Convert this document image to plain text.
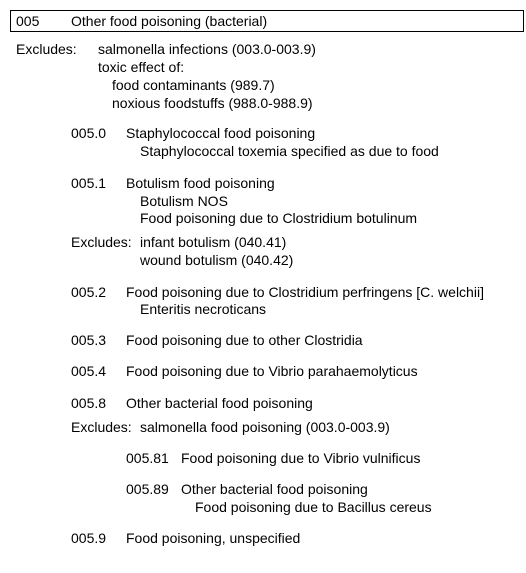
005 Other food poisoning (bacterial)
Excludes: salmonella infections (003.0-003.9)
toxic effect of:
food contaminants (989.7)
noxious foodstuffs (988.0-988.9)
005.0 Staphylococcal food poisoning
Staphylococcal toxemia specified as due to food
005.1 Botulism food poisoning
Botulism NOS
Food poisoning due to Clostridium botulinum
Excludes: infant botulism (040.41)
wound botulism (040.42)
005.2 Food poisoning due to Clostridium perfringens [C. welchii]
Enteritis necroticans
005.3 Food poisoning due to other Clostridia
005.4 Food poisoning due to Vibrio parahaemolyticus
005.8 Other bacterial food poisoning
Excludes: salmonella food poisoning (003.0-003.9)
005.81 Food poisoning due to Vibrio vulnificus
005.89 Other bacterial food poisoning
Food poisoning due to Bacillus cereus
005.9 Food poisoning, unspecified
